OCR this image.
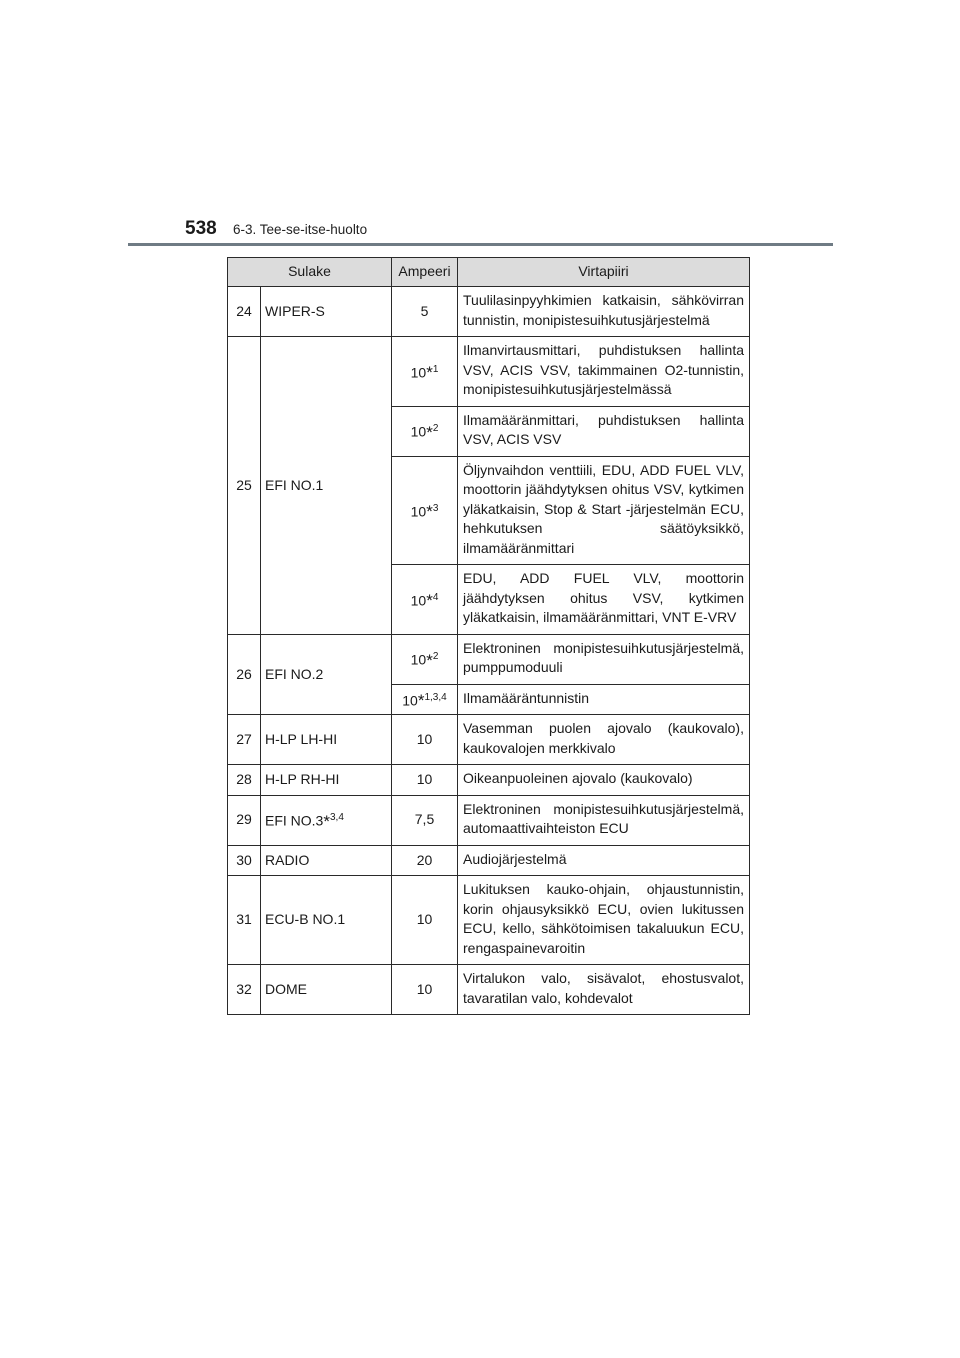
538 6-3. Tee-se-itse-huolto
Sulake		Ampeeri	Virtapiiri
24	WIPER-S	5	Tuulilasinpyyhkimien katkaisin, sähkövirran tunnistin, monipistesuihkutusjärjestelmä
25	EFI NO.1	10*$^1$	Ilmanvirtausmittari, puhdistuksen hallinta VSV, ACIS VSV, takimmainen O2-tunnistin, monipistesuihkutusjärjestelmässä
		10*$^2$	Ilmamääränmittari, puhdistuksen hallinta VSV, ACIS VSV
		10*$^3$	Öljynvaihdon venttiili, EDU, ADD FUEL VLV, moottorin jäähdytyksen ohitus VSV, kytkimen yläkatkaisin, Stop & Start -järjestelmän ECU, hehkutuksen säätöyksikkö, ilmamääränmittari
		10*$^4$	EDU, ADD FUEL VLV, moottorin jäähdytyksen ohitus VSV, kytkimen yläkatkaisin, ilmamääränmittari, VNT E-VRV
26	EFI NO.2	10*$^2$	Elektroninen monipistesuihkutusjärjestelmä, pumppumoduuli
		10*$^{1,3,4}$	Ilmamääräntunnistin
27	H-LP LH-HI	10	Vasemman puolen ajovalo (kaukovalo), kaukovalojen merkkivalo
28	H-LP RH-HI	10	Oikeanpuoleinen ajovalo (kaukovalo)
29	EFI NO.3*$^{3,4}$	7,5	Elektroninen monipistesuihkutusjärjestelmä, automaattivaihteiston ECU
30	RADIO	20	Audiojärjestelmä
31	ECU-B NO.1	10	Lukituksen kauko-ohjain, ohjaustunnistin, korin ohjausyksikkö ECU, ovien lukitussen ECU, kello, sähkötoimisen takaluukun ECU, rengaspainevaroitin
32	DOME	10	Virtalukon valo, sisävalot, ehostusvalot, tavaratilan valo, kohdevalot
